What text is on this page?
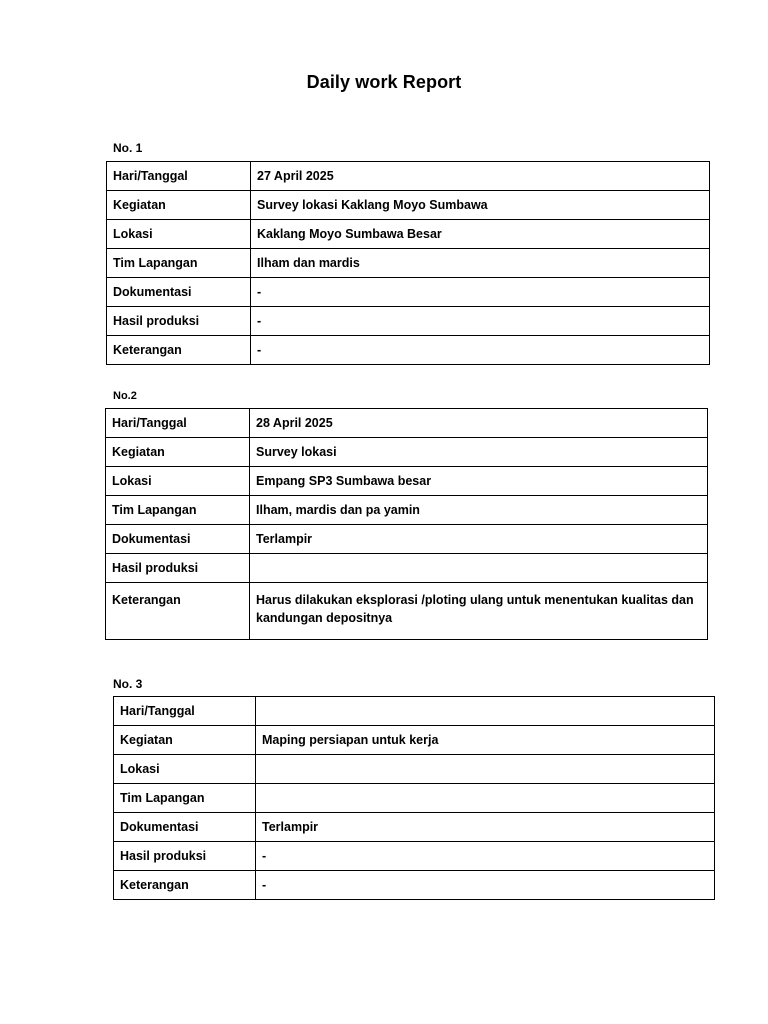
Daily work Report
No. 1
Hari/Tanggal	27 April 2025
Kegiatan	Survey lokasi Kaklang Moyo Sumbawa
Lokasi	Kaklang Moyo Sumbawa Besar
Tim Lapangan	Ilham dan mardis
Dokumentasi	-
Hasil produksi	-
Keterangan	-
No.2
Hari/Tanggal	28 April 2025
Kegiatan	Survey lokasi
Lokasi	Empang SP3 Sumbawa besar
Tim Lapangan	Ilham, mardis dan pa yamin
Dokumentasi	Terlampir
Hasil produksi	
Keterangan	Harus dilakukan eksplorasi /ploting ulang untuk menentukan kualitas dan kandungan depositnya
No. 3
Hari/Tanggal	
Kegiatan	Maping persiapan untuk kerja
Lokasi	
Tim Lapangan	
Dokumentasi	Terlampir
Hasil produksi	-
Keterangan	-
